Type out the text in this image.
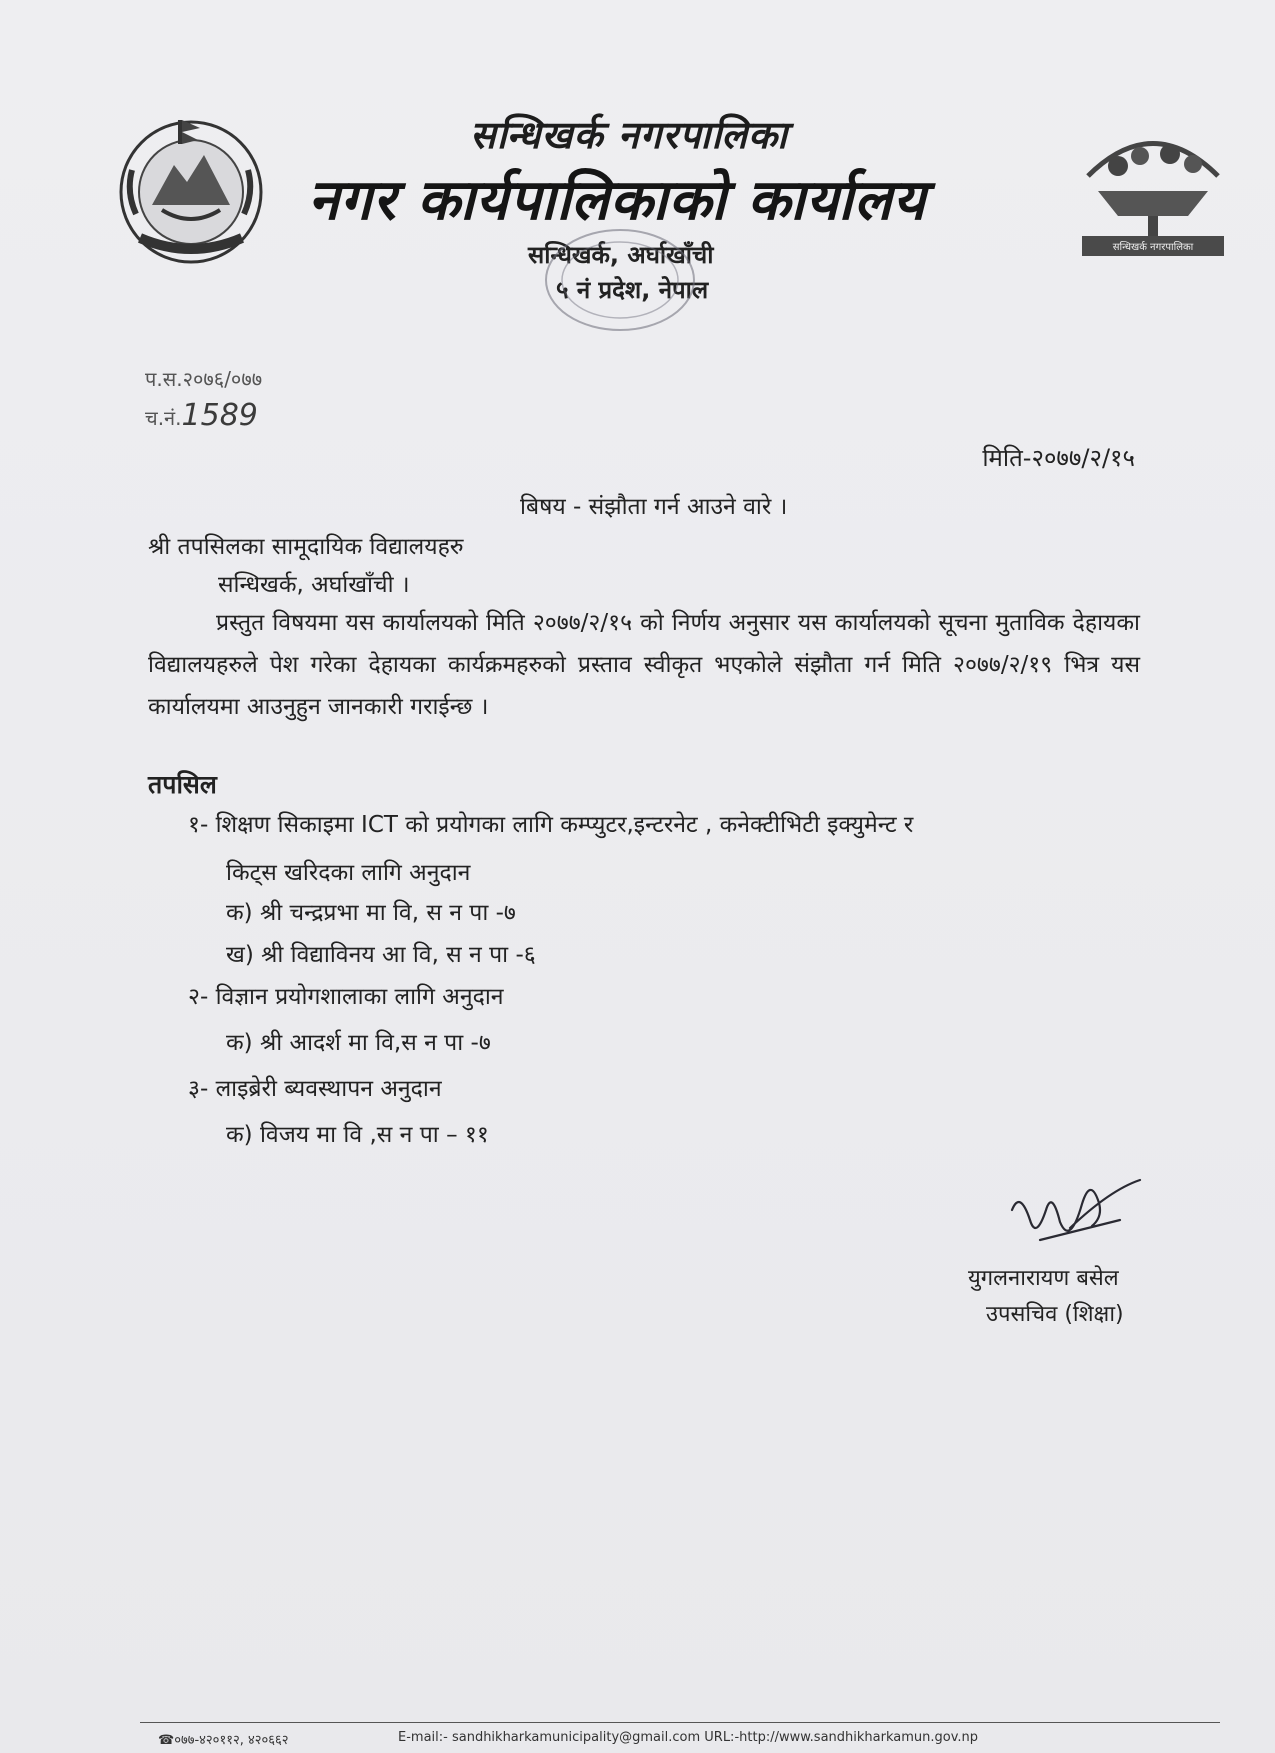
सन्धिखर्क नगरपालिका
नगर कार्यपालिकाको कार्यालय
सन्धिखर्क, अर्घाखाँची
५ नं प्रदेश, नेपाल
सन्धिखर्क नगरपालिका
प.स.२०७६/०७७
च.नं.1589
मिति-२०७७/२/१५
बिषय - संझौता गर्न आउने वारे ।
श्री तपसिलका सामूदायिक विद्यालयहरु
सन्धिखर्क, अर्घाखाँची ।
प्रस्तुत विषयमा यस कार्यालयको मिति २०७७/२/१५ को निर्णय अनुसार यस कार्यालयको सूचना मुताविक देहायका विद्यालयहरुले पेश गरेका देहायका कार्यक्रमहरुको प्रस्ताव स्वीकृत भएकोले संझौता गर्न मिति २०७७/२/१९ भित्र यस कार्यालयमा आउनुहुन जानकारी गराईन्छ ।
तपसिल
१- शिक्षण सिकाइमा ICT को प्रयोगका लागि कम्प्युटर,इन्टरनेट , कनेक्टीभिटी इक्युमेन्ट र
किट्स खरिदका लागि अनुदान
क) श्री चन्द्रप्रभा मा वि, स न पा -७
ख) श्री विद्याविनय आ वि, स न पा -६
२- विज्ञान प्रयोगशालाका लागि अनुदान
क) श्री आदर्श मा वि,स न पा -७
३- लाइब्रेरी ब्यवस्थापन अनुदान
क) विजय मा वि ,स न पा – ११
युगलनारायण बसेल
उपसचिव (शिक्षा)
☎०७७-४२०११२, ४२०६६२	E-mail:- sandhikharkamunicipality@gmail.com URL:-http://www.sandhikharkamun.gov.np
